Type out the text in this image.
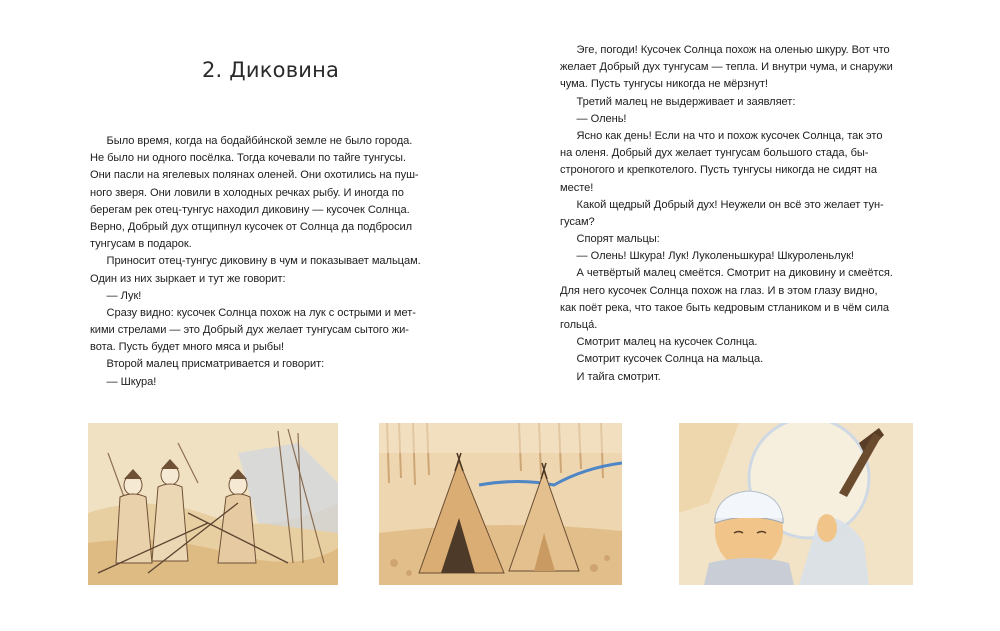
2. Диковина
  Было время, когда на бодайби́нской земле не было города.
Не было ни одного посёлка. Тогда кочевали по тайге тунгусы.
Они пасли на ягелевых полянах оленей. Они охотились на пуш-
ного зверя. Они ловили в холодных речках рыбу. И иногда по
берегам рек отец-тунгус находил диковину — кусочек Солнца.
Верно, Добрый дух отщипнул кусочек от Солнца да подбросил
тунгусам в подарок.
  Приносит отец-тунгус диковину в чум и показывает мальцам.
Один из них зыркает и тут же говорит:
  — Лук!
  Сразу видно: кусочек Солнца похож на лук с острыми и мет-
кими стрелами — это Добрый дух желает тунгусам сытого жи-
вота. Пусть будет много мяса и рыбы!
  Второй малец присматривается и говорит:
  — Шкура!
  Эге, погоди! Кусочек Солнца похож на оленью шкуру. Вот что
желает Добрый дух тунгусам — тепла. И внутри чума, и снаружи
чума. Пусть тунгусы никогда не мёрзнут!
  Третий малец не выдерживает и заявляет:
  — Олень!
  Ясно как день! Если на что и похож кусочек Солнца, так это
на оленя. Добрый дух желает тунгусам большого стада, бы-
строногого и крепкотелого. Пусть тунгусы никогда не сидят на
месте!
  Какой щедрый Добрый дух! Неужели он всё это желает тун-
гусам?
  Спорят мальцы:
  — Олень! Шкура! Лук! Луколеньшкура! Шкуроленьлук!
  А четвёртый малец смеётся. Смотрит на диковину и смеётся.
Для него кусочек Солнца похож на глаз. И в этом глазу видно,
как поёт река, что такое быть кедровым стлаником и в чём сила
гольца́.
  Смотрит малец на кусочек Солнца.
  Смотрит кусочек Солнца на мальца.
  И тайга смотрит.
